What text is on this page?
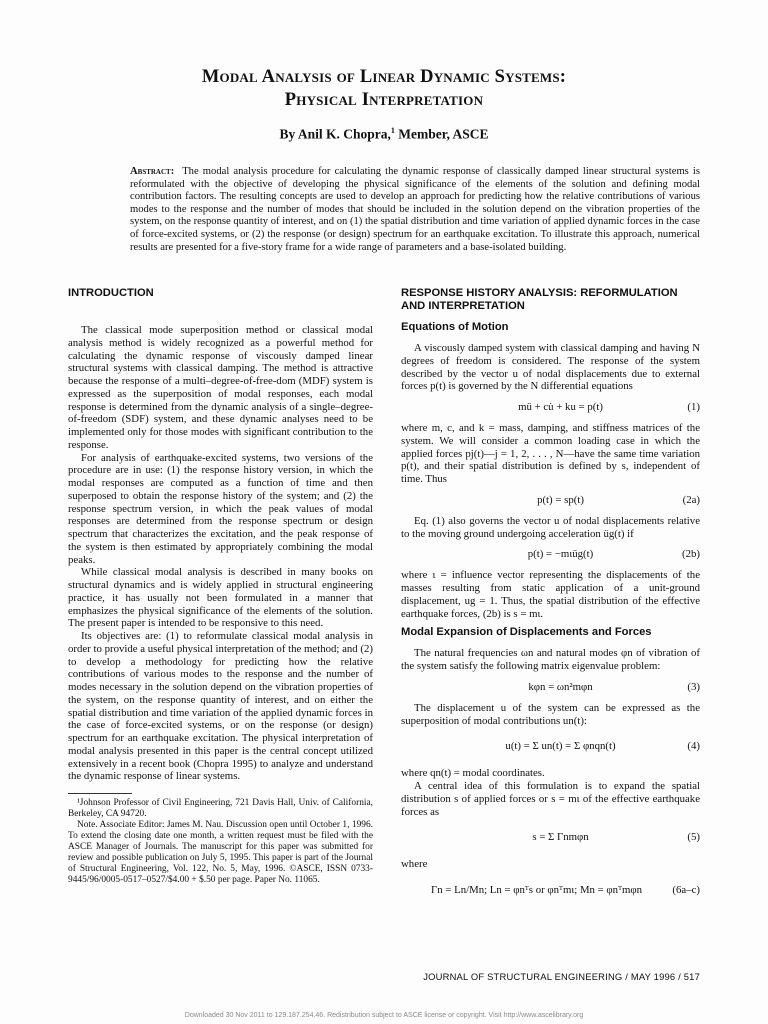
Modal Analysis of Linear Dynamic Systems:
Physical Interpretation
By Anil K. Chopra,$^1$ Member, ASCE
Abstract: The modal analysis procedure for calculating the dynamic response of classically damped linear structural systems is reformulated with the objective of developing the physical significance of the elements of the solution and defining modal contribution factors. The resulting concepts are used to develop an approach for predicting how the relative contributions of various modes to the response and the number of modes that should be included in the solution depend on the vibration properties of the system, on the response quantity of interest, and on (1) the spatial distribution and time variation of applied dynamic forces in the case of force-excited systems, or (2) the response (or design) spectrum for an earthquake excitation. To illustrate this approach, numerical results are presented for a five-story frame for a wide range of parameters and a base-isolated building.
INTRODUCTION

The classical mode superposition method or classical modal analysis method is widely recognized as a powerful method for calculating the dynamic response of viscously damped linear structural systems with classical damping. The method is attractive because the response of a multi–degree-of-free-dom (MDF) system is expressed as the superposition of modal responses, each modal response is determined from the dynamic analysis of a single–degree-of-freedom (SDF) system, and these dynamic analyses need to be implemented only for those modes with significant contribution to the response.

For analysis of earthquake-excited systems, two versions of the procedure are in use: (1) the response history version, in which the modal responses are computed as a function of time and then superposed to obtain the response history of the system; and (2) the response spectrum version, in which the peak values of modal responses are determined from the response spectrum or design spectrum that characterizes the excitation, and the peak response of the system is then estimated by appropriately combining the modal peaks.

While classical modal analysis is described in many books on structural dynamics and is widely applied in structural engineering practice, it has usually not been formulated in a manner that emphasizes the physical significance of the elements of the solution. The present paper is intended to be responsive to this need.

Its objectives are: (1) to reformulate classical modal analysis in order to provide a useful physical interpretation of the method; and (2) to develop a methodology for predicting how the relative contributions of various modes to the response and the number of modes necessary in the solution depend on the vibration properties of the system, on the response quantity of interest, and on either the spatial distribution and time variation of the applied dynamic forces in the case of force-excited systems, or on the response (or design) spectrum for an earthquake excitation. The physical interpretation of modal analysis presented in this paper is the central concept utilized extensively in a recent book (Chopra 1995) to analyze and understand the dynamic response of linear systems.

¹Johnson Professor of Civil Engineering, 721 Davis Hall, Univ. of California, Berkeley, CA 94720.

Note. Associate Editor: James M. Nau. Discussion open until October 1, 1996. To extend the closing date one month, a written request must be filed with the ASCE Manager of Journals. The manuscript for this paper was submitted for review and possible publication on July 5, 1995. This paper is part of the Journal of Structural Engineering, Vol. 122, No. 5, May, 1996. ©ASCE, ISSN 0733-9445/96/0005-0517–0527/$4.00 + $.50 per page. Paper No. 11065.

RESPONSE HISTORY ANALYSIS: REFORMULATION AND INTERPRETATION
Equations of Motion

A viscously damped system with classical damping and having N degrees of freedom is considered. The response of the system described by the vector u of nodal displacements due to external forces p(t) is governed by the N differential equations

mü + cu̇ + ku = p(t)	(1)

where m, c, and k = mass, damping, and stiffness matrices of the system. We will consider a common loading case in which the applied forces pj(t)—j = 1, 2, . . . , N—have the same time variation p(t), and their spatial distribution is defined by s, independent of time. Thus

p(t) = sp(t)	(2a)

Eq. (1) also governs the vector u of nodal displacements relative to the moving ground undergoing acceleration üg(t) if

p(t) = −mιüg(t)	(2b)

where ι = influence vector representing the displacements of the masses resulting from static application of a unit-ground displacement, ug = 1. Thus, the spatial distribution of the effective earthquake forces, (2b) is s = mι.

Modal Expansion of Displacements and Forces

The natural frequencies ωn and natural modes φn of vibration of the system satisfy the following matrix eigenvalue problem:

kφn = ωn²mφn	(3)

The displacement u of the system can be expressed as the superposition of modal contributions un(t):

u(t) = Σ un(t) = Σ φnqn(t)	(4)

where qn(t) = modal coordinates.

A central idea of this formulation is to expand the spatial distribution s of applied forces or s = mι of the effective earthquake forces as

s = Σ Γnmφn	(5)

where

Γn = Ln/Mn; Ln = φnᵀs or φnᵀmι; Mn = φnᵀmφn	(6a–c)
JOURNAL OF STRUCTURAL ENGINEERING / MAY 1996 / 517
Downloaded 30 Nov 2011 to 129.187.254.46. Redistribution subject to ASCE license or copyright. Visit http://www.ascelibrary.org
